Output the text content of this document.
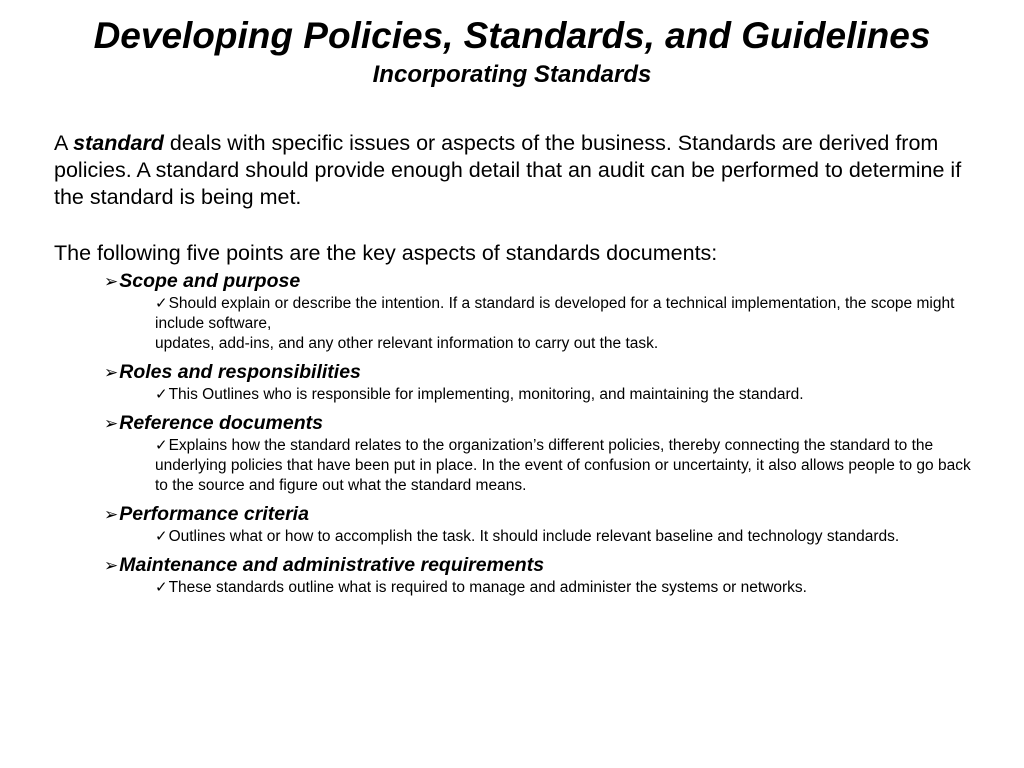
Developing Policies, Standards, and Guidelines
Incorporating Standards

A standard deals with specific issues or aspects of the business. Standards are derived from policies. A standard should provide enough detail that an audit can be performed to determine if the standard is being met.

The following five points are the key aspects of standards documents:

➢Scope and purpose
✓Should explain or describe the intention. If a standard is developed for a technical implementation, the scope might include software,
updates, add-ins, and any other relevant information to carry out the task.
➢Roles and responsibilities
✓This Outlines who is responsible for implementing, monitoring, and maintaining the standard.
➢Reference documents
✓Explains how the standard relates to the organization’s different policies, thereby connecting the standard to the underlying policies that have been put in place. In the event of confusion or uncertainty, it also allows people to go back to the source and figure out what the standard means.
➢Performance criteria
✓Outlines what or how to accomplish the task. It should include relevant baseline and technology standards.
➢Maintenance and administrative requirements
✓These standards outline what is required to manage and administer the systems or networks.
